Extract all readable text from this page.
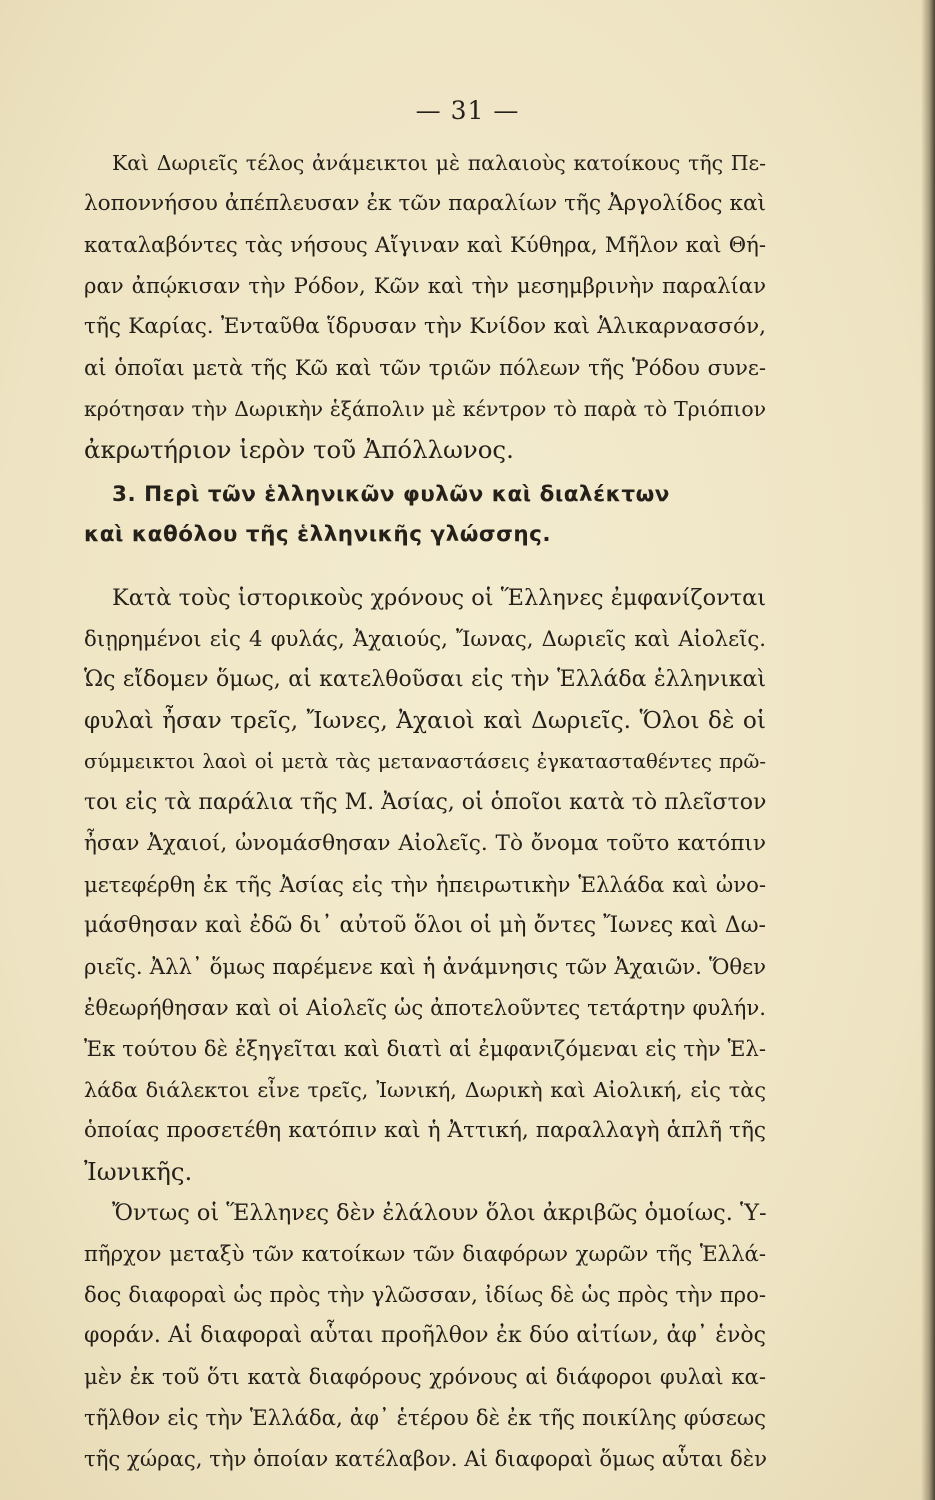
— 31 —
Καὶ Δωριεῖς τέλος ἀνάμεικτοι μὲ παλαιοὺς κατοίκους τῆς Πε-
λοποννήσου ἀπέπλευσαν ἐκ τῶν παραλίων τῆς Ἀργολίδος καὶ
καταλαβόντες τὰς νήσους Αἴγιναν καὶ Κύθηρα, Μῆλον καὶ Θή-
ραν ἀπῴκισαν τὴν Ρόδον, Κῶν καὶ τὴν μεσημβρινὴν παραλίαν
τῆς Καρίας. Ἐνταῦθα ἵδρυσαν τὴν Κνίδον καὶ Ἁλικαρνασσόν,
αἱ ὁποῖαι μετὰ τῆς Κῶ καὶ τῶν τριῶν πόλεων τῆς Ῥόδου συνε-
κρότησαν τὴν Δωρικὴν ἑξάπολιν μὲ κέντρον τὸ παρὰ τὸ Τριόπιον
ἀκρωτήριον ἱερὸν τοῦ Ἀπόλλωνος.
3. Περὶ τῶν ἑλληνικῶν φυλῶν καὶ διαλέκτων
καὶ καθόλου τῆς ἑλληνικῆς γλώσσης.
Κατὰ τοὺς ἱστορικοὺς χρόνους οἱ Ἕλληνες ἐμφανίζονται
διῃρημένοι εἰς 4 φυλάς, Ἀχαιούς, Ἴωνας, Δωριεῖς καὶ Αἰολεῖς.
Ὡς εἴδομεν ὅμως, αἱ κατελθοῦσαι εἰς τὴν Ἑλλάδα ἑλληνικαὶ
φυλαὶ ἦσαν τρεῖς, Ἴωνες, Ἀχαιοὶ καὶ Δωριεῖς. Ὅλοι δὲ οἱ
σύμμεικτοι λαοὶ οἱ μετὰ τὰς μεταναστάσεις ἐγκατασταθέντες πρῶ-
τοι εἰς τὰ παράλια τῆς Μ. Ἀσίας, οἱ ὁποῖοι κατὰ τὸ πλεῖστον
ἦσαν Ἀχαιοί, ὠνομάσθησαν Αἰολεῖς. Τὸ ὄνομα τοῦτο κατόπιν
μετεφέρθη ἐκ τῆς Ἀσίας εἰς τὴν ἠπειρωτικὴν Ἑλλάδα καὶ ὠνο-
μάσθησαν καὶ ἐδῶ δι᾽ αὐτοῦ ὅλοι οἱ μὴ ὄντες Ἴωνες καὶ Δω-
ριεῖς. Ἀλλ᾽ ὅμως παρέμενε καὶ ἡ ἀνάμνησις τῶν Ἀχαιῶν. Ὅθεν
ἐθεωρήθησαν καὶ οἱ Αἰολεῖς ὡς ἀποτελοῦντες τετάρτην φυλήν.
Ἐκ τούτου δὲ ἐξηγεῖται καὶ διατὶ αἱ ἐμφανιζόμεναι εἰς τὴν Ἑλ-
λάδα διάλεκτοι εἶνε τρεῖς, Ἰωνική, Δωρικὴ καὶ Αἰολική, εἰς τὰς
ὁποίας προσετέθη κατόπιν καὶ ἡ Ἀττική, παραλλαγὴ ἁπλῆ τῆς
Ἰωνικῆς.
Ὄντως οἱ Ἕλληνες δὲν ἐλάλουν ὅλοι ἀκριβῶς ὁμοίως. Ὑ-
πῆρχον μεταξὺ τῶν κατοίκων τῶν διαφόρων χωρῶν τῆς Ἑλλά-
δος διαφοραὶ ὡς πρὸς τὴν γλῶσσαν, ἰδίως δὲ ὡς πρὸς τὴν προ-
φοράν. Αἱ διαφοραὶ αὗται προῆλθον ἐκ δύο αἰτίων, ἀφ᾽ ἑνὸς
μὲν ἐκ τοῦ ὅτι κατὰ διαφόρους χρόνους αἱ διάφοροι φυλαὶ κα-
τῆλθον εἰς τὴν Ἑλλάδα, ἀφ᾽ ἑτέρου δὲ ἐκ τῆς ποικίλης φύσεως
τῆς χώρας, τὴν ὁποίαν κατέλαβον. Αἱ διαφοραὶ ὅμως αὗται δὲν
